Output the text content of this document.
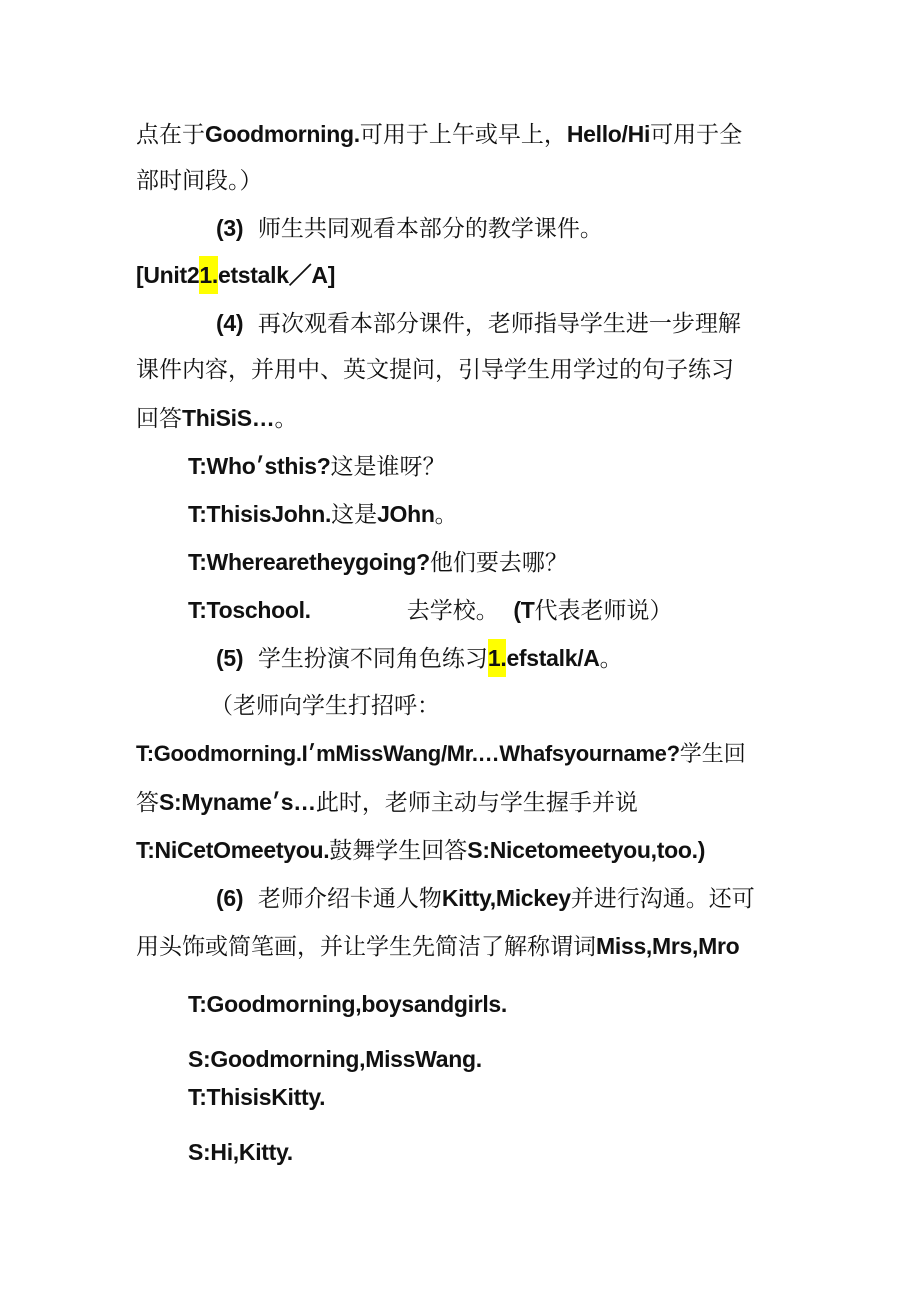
点在于Goodmorning.可用于上午或早上，Hello/Hi可用于全
部时间段。）
(3) 师生共同观看本部分的教学课件。
[Unit21.etstalk／A]
(4) 再次观看本部分课件，老师指导学生进一步理解
课件内容，并用中、英文提问，引导学生用学过的句子练习
回答ThiSiS…。
T:Who׳sthis?这是谁呀？
T:ThisisJohn.这是JOhn。
T:Wherearetheygoing?他们要去哪？
T:Toschool.	去学校。 (T代表老师说）
(5) 学生扮演不同角色练习1.efstalk/A。
（老师向学生打招呼：
T:Goodmorning.I׳mMissWang/Mr.…Whafsyourname?学生回
答S:Myname׳s…此时，老师主动与学生握手并说
T:NiCetOmeetyou.鼓舞学生回答S:Nicetomeetyou,too.)
(6) 老师介绍卡通人物Kitty,Mickey并进行沟通。还可
用头饰或简笔画，并让学生先简洁了解称谓词Miss,Mrs,Mro
T:Goodmorning,boysandgirls.
S:Goodmorning,MissWang.
T:ThisisKitty.
S:Hi,Kitty.
